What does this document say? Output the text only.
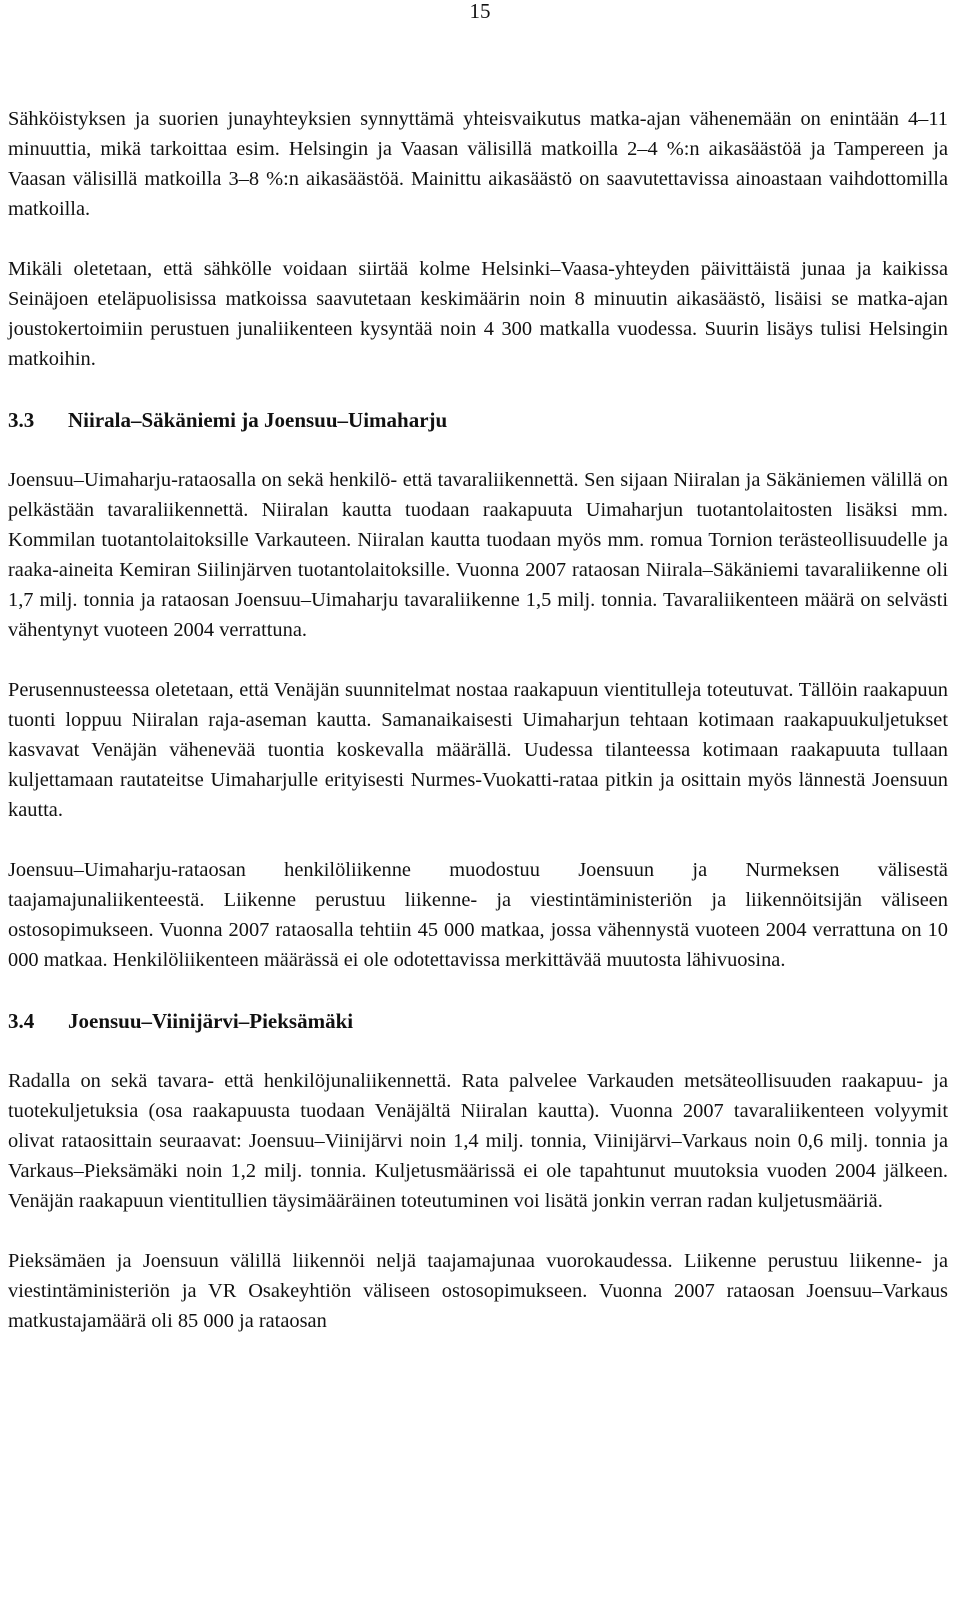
15

Sähköistyksen ja suorien junayhteyksien synnyttämä yhteisvaikutus matka-ajan vähenemään on enintään 4–11 minuuttia, mikä tarkoittaa esim. Helsingin ja Vaasan välisillä matkoilla 2–4 %:n aikasäästöä ja Tampereen ja Vaasan välisillä matkoilla 3–8 %:n aikasäästöä. Mainittu aikasäästö on saavutettavissa ainoastaan vaihdottomilla matkoilla.

Mikäli oletetaan, että sähkölle voidaan siirtää kolme Helsinki–Vaasa-yhteyden päivittäistä junaa ja kaikissa Seinäjoen eteläpuolisissa matkoissa saavutetaan keskimäärin noin 8 minuutin aikasäästö, lisäisi se matka-ajan joustokertoimiin perustuen junaliikenteen kysyntää noin 4 300 matkalla vuodessa. Suurin lisäys tulisi Helsingin matkoihin.

3.3	Niirala–Säkäniemi ja Joensuu–Uimaharju

Joensuu–Uimaharju-rataosalla on sekä henkilö- että tavaraliikennettä. Sen sijaan Niiralan ja Säkäniemen välillä on pelkästään tavaraliikennettä. Niiralan kautta tuodaan raakapuuta Uimaharjun tuotantolaitosten lisäksi mm. Kommilan tuotantolaitoksille Varkauteen. Niiralan kautta tuodaan myös mm. romua Tornion terästeollisuudelle ja raaka-aineita Kemiran Siilinjärven tuotantolaitoksille. Vuonna 2007 rataosan Niirala–Säkäniemi tavaraliikenne oli 1,7 milj. tonnia ja rataosan Joensuu–Uimaharju tavaraliikenne 1,5 milj. tonnia. Tavaraliikenteen määrä on selvästi vähentynyt vuoteen 2004 verrattuna.

Perusennusteessa oletetaan, että Venäjän suunnitelmat nostaa raakapuun vientitulleja toteutuvat. Tällöin raakapuun tuonti loppuu Niiralan raja-aseman kautta. Samanaikaisesti Uimaharjun tehtaan kotimaan raakapuukuljetukset kasvavat Venäjän vähenevää tuontia koskevalla määrällä. Uudessa tilanteessa kotimaan raakapuuta tullaan kuljettamaan rautateitse Uimaharjulle erityisesti Nurmes-Vuokatti-rataa pitkin ja osittain myös lännestä Joensuun kautta.

Joensuu–Uimaharju-rataosan henkilöliikenne muodostuu Joensuun ja Nurmeksen välisestä taajamajunaliikenteestä. Liikenne perustuu liikenne- ja viestintäministeriön ja liikennöitsijän väliseen ostosopimukseen. Vuonna 2007 rataosalla tehtiin 45 000 matkaa, jossa vähennystä vuoteen 2004 verrattuna on 10 000 matkaa. Henkilöliikenteen määrässä ei ole odotettavissa merkittävää muutosta lähivuosina.

3.4	Joensuu–Viinijärvi–Pieksämäki

Radalla on sekä tavara- että henkilöjunaliikennettä. Rata palvelee Varkauden metsäteollisuuden raakapuu- ja tuotekuljetuksia (osa raakapuusta tuodaan Venäjältä Niiralan kautta). Vuonna 2007 tavaraliikenteen volyymit olivat rataosittain seuraavat: Joensuu–Viinijärvi noin 1,4 milj. tonnia, Viinijärvi–Varkaus noin 0,6 milj. tonnia ja Varkaus–Pieksämäki noin 1,2 milj. tonnia. Kuljetusmäärissä ei ole tapahtunut muutoksia vuoden 2004 jälkeen. Venäjän raakapuun vientitullien täysimääräinen toteutuminen voi lisätä jonkin verran radan kuljetusmääriä.

Pieksämäen ja Joensuun välillä liikennöi neljä taajamajunaa vuorokaudessa. Liikenne perustuu liikenne- ja viestintäministeriön ja VR Osakeyhtiön väliseen ostosopimukseen. Vuonna 2007 rataosan Joensuu–Varkaus matkustajamäärä oli 85 000 ja rataosan
